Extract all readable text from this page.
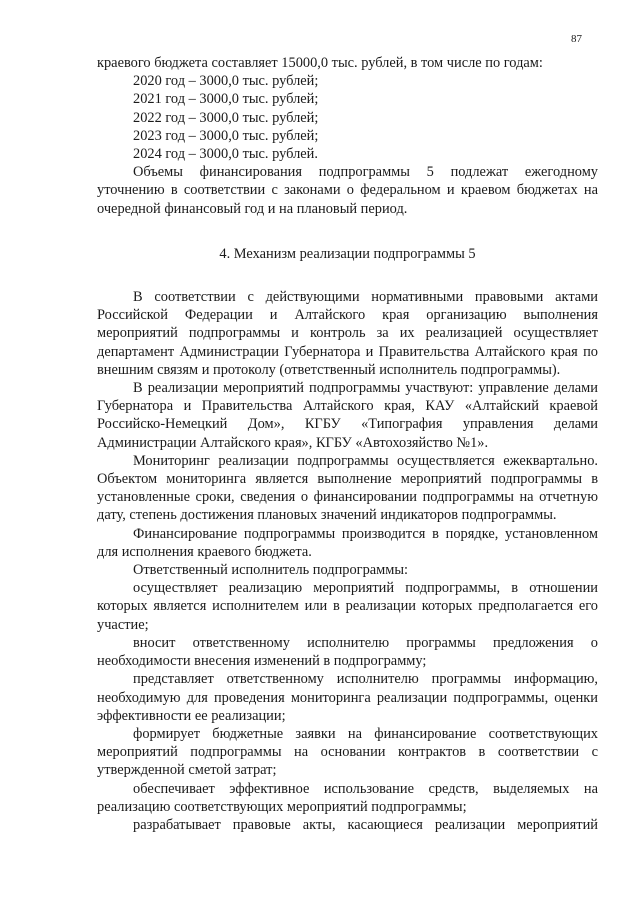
87

краевого бюджета составляет 15000,0 тыс. рублей, в том числе по годам:

2020 год – 3000,0 тыс. рублей;

2021 год – 3000,0 тыс. рублей;

2022 год – 3000,0 тыс. рублей;

2023 год – 3000,0 тыс. рублей;

2024 год – 3000,0 тыс. рублей.

Объемы финансирования подпрограммы 5 подлежат ежегодному уточнению в соответствии с законами о федеральном и краевом бюджетах на очередной финансовый год и на плановый период.

4. Механизм реализации подпрограммы 5

В соответствии с действующими нормативными правовыми актами Российской Федерации и Алтайского края организацию выполнения мероприятий подпрограммы и контроль за их реализацией осуществляет департамент Администрации Губернатора и Правительства Алтайского края по внешним связям и протоколу (ответственный исполнитель подпрограммы).

В реализации мероприятий подпрограммы участвуют: управление делами Губернатора и Правительства Алтайского края, КАУ «Алтайский краевой Российско-Немецкий Дом», КГБУ «Типография управления делами Администрации Алтайского края», КГБУ «Автохозяйство №1».

Мониторинг реализации подпрограммы осуществляется ежеквартально. Объектом мониторинга является выполнение мероприятий подпрограммы в установленные сроки, сведения о финансировании подпрограммы на отчетную дату, степень достижения плановых значений индикаторов подпрограммы.

Финансирование подпрограммы производится в порядке, установленном для исполнения краевого бюджета.

Ответственный исполнитель подпрограммы:

осуществляет реализацию мероприятий подпрограммы, в отношении которых является исполнителем или в реализации которых предполагается его участие;

вносит ответственному исполнителю программы предложения о необходимости внесения изменений в подпрограмму;

представляет ответственному исполнителю программы информацию, необходимую для проведения мониторинга реализации подпрограммы, оценки эффективности ее реализации;

формирует бюджетные заявки на финансирование соответствующих мероприятий подпрограммы на основании контрактов в соответствии с утвержденной сметой затрат;

обеспечивает эффективное использование средств, выделяемых на реализацию соответствующих мероприятий подпрограммы;

разрабатывает правовые акты, касающиеся реализации мероприятий
